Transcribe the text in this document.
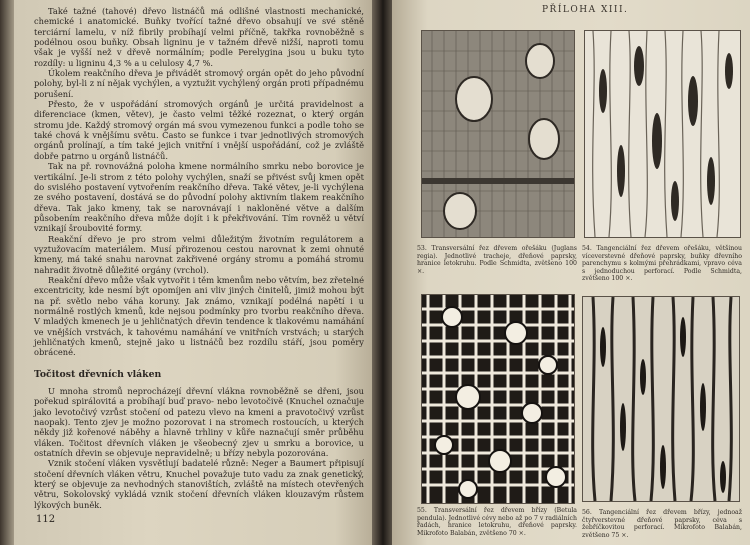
Také tažné (tahové) dřevo listnáčů má odlišné vlastnosti mechanické, chemické i anatomické. Buňky tvořící tažné dřevo obsahují ve své stěně terciární lamelu, v níž fibrily probíhají velmi příčně, takřka rovnoběžně s podélnou osou buňky. Obsah ligninu je v tažném dřevě nižší, naproti tomu však je vyšší než v dřevě normálním; podle Perelygina jsou u buku tyto rozdíly: u ligninu 4,3 % a u celulosy 4,7 %.

Úkolem reakčního dřeva je přivádět stromový orgán opět do jeho původní polohy, byl-li z ní nějak vychýlen, a vyztužit vychýlený orgán proti případnému porušení.

Přesto, že v uspořádání stromových orgánů je určitá pravidelnost a diferenciace (kmen, větev), je často velmi těžké rozeznat, o který orgán stromu jde. Každý stromový orgán má svou vymezenou funkci a podle toho se také chová k vnějšímu světu. Často se funkce i tvar jednotlivých stromových orgánů prolínají, a tím také jejich vnitřní i vnější uspořádání, což je zvláště dobře patrno u orgánů listnáčů.

Tak na př. rovnovážná poloha kmene normálního smrku nebo borovice je vertikální. Je-li strom z této polohy vychýlen, snaží se přivést svůj kmen opět do svislého postavení vytvořením reakčního dřeva. Také větev, je-li vychýlena ze svého postavení, dostává se do původní polohy aktivním tlakem reakčního dřeva. Tak jako kmeny, tak se narovnávají i nakloněné větve a dalším působením reakčního dřeva může dojít i k překřivování. Tím rovněž u větví vznikají šroubovité formy.

Reakční dřevo je pro strom velmi důležitým životním regulátorem a vyztužovacím materiálem. Musí přirozenou cestou narovnat k zemi ohnuté kmeny, má také snahu narovnat zakřivené orgány stromu a pomáhá stromu nahradit životně důležité orgány (vrchol).

Reakční dřevo může však vytvořit i těm kmenům nebo větvím, bez zřetelné excentricity, kde nesmí být opomíjen ani vliv jiných činitelů, jimiž mohou být na př. světlo nebo váha koruny. Jak známo, vznikají podélná napětí i u normálně rostlých kmenů, kde nejsou podmínky pro tvorbu reakčního dřeva. V mladých kmenech je u jehličnatých dřevin tendence k tlakovému namáhání ve vnějších vrstvách, k tahovému namáhání ve vnitřních vrstvách; u starých jehličnatých kmenů, stejně jako u listnáčů bez rozdílu stáří, jsou poměry obrácené.

Točitost dřevních vláken

U mnoha stromů neprocházejí dřevní vlákna rovnoběžně se dřeni, jsou pořekud spirálovitá a probíhají buď pravo- nebo levotočivě (Knuchel označuje jako levotočivý vzrůst stočení od patezu vlevo na kmeni a pravotočivý vzrůst naopak). Tento zjev je možno pozorovat i na stromech rostoucích, u kterých někdy již kořenové náběhy a hlavně trhliny v kůře naznačují směr průběhu vláken. Točitost dřevních vláken je všeobecný zjev u smrku a borovice, u ostatních dřevin se objevuje nepravidelně; u břízy nebyla pozorována.

Vznik stočení vláken vysvětlují badatelé různě: Neger a Baumert připisují stočení dřevních vláken větru, Knuchel považuje tuto vadu za znak genetický, který se objevuje za nevhodných stanovištích, zvláště na místech otevřených větru, Sokolovský vykládá vznik stočení dřevních vláken klouzavým růstem lýkových buněk.

112
PŘÍLOHA XIII.
53. Transversální řez dřevem ořešáku (Juglans regia). Jednotlivé tracheje, dřeňové paprsky, hranice letokruhu. Podle Schmidta, zvětšeno 100 ×.
54. Tangenciální řez dřevem ořešáku, většinou víceverstevné dřeňové paprsky, buňky dřevního parenchymu s kolmými přehrádkami, vpravo céva s jednoduchou perforací. Podle Schmidta, zvětšeno 100 ×.
55. Transversální řez dřevem břízy (Betula pendula). Jednotlivé cévy nebo až po 7 v radiálních řadách, hranice letokruhu, dřeňové paprsky. Mikrofoto Balabán, zvětšeno 70 ×.
56. Tangenciální řez dřevem břízy, jednoaž čtyřverstevné dřeňové paprsky, céva s žebříčkovitou perforací. Mikrofoto Balabán, zvětšeno 75 ×.
